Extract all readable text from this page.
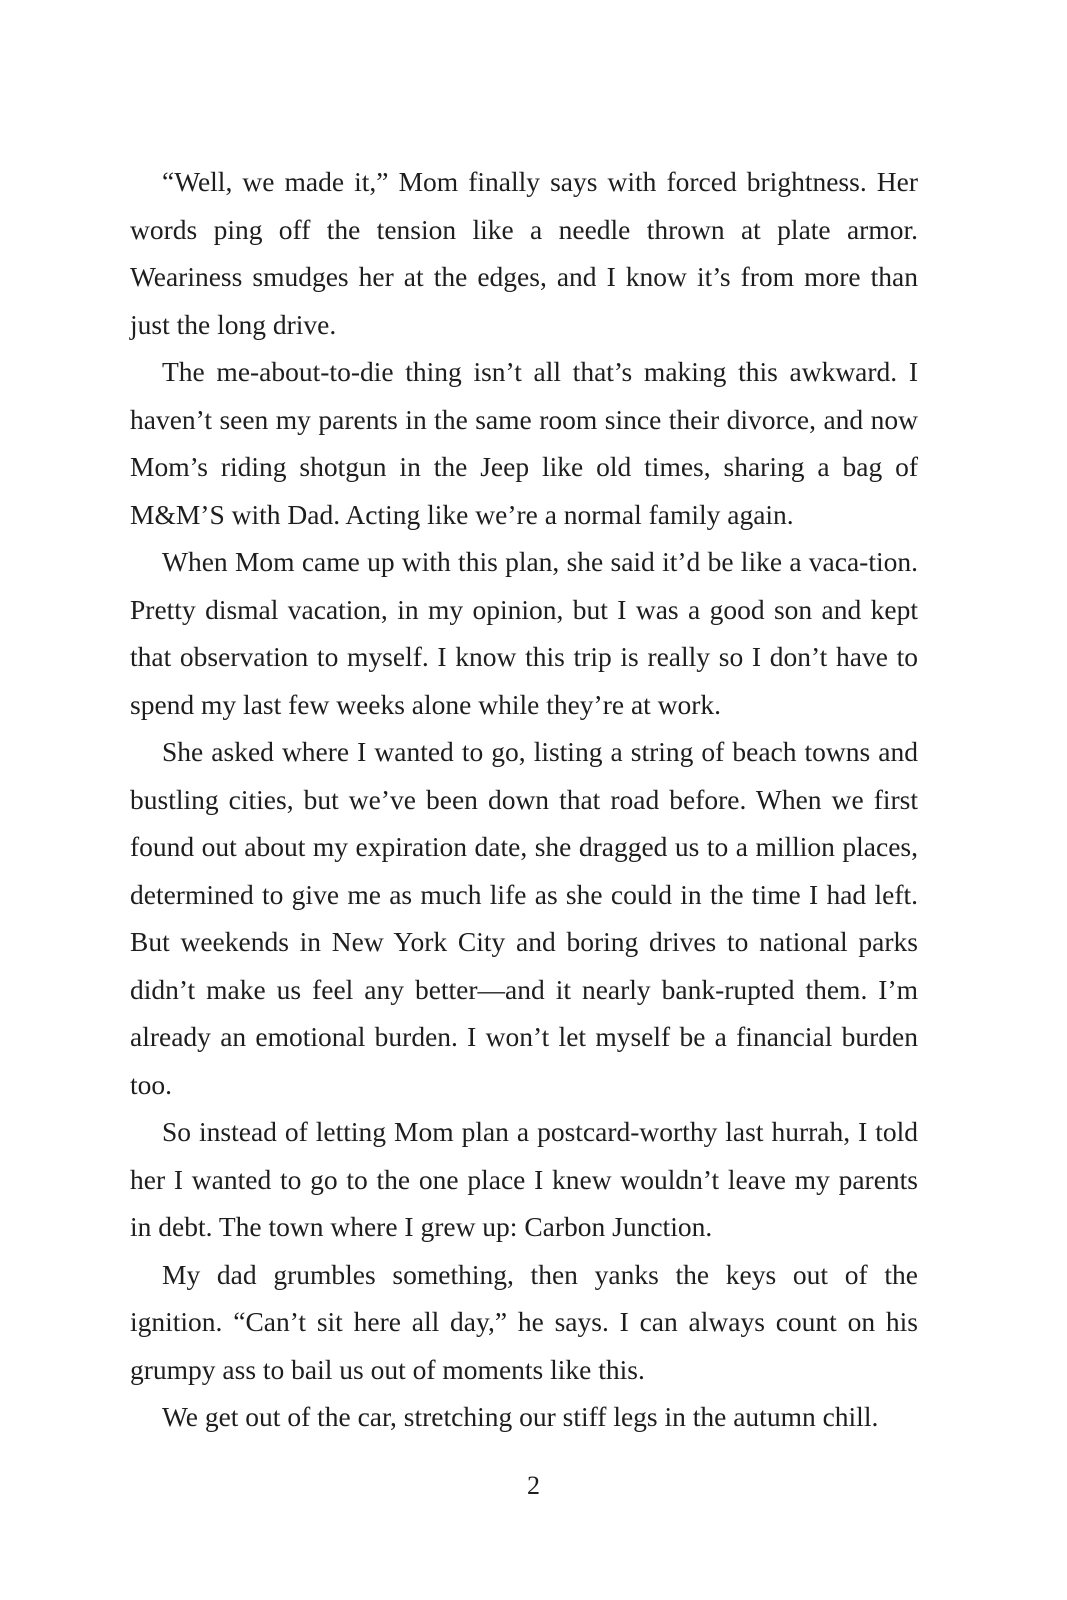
“Well, we made it,” Mom finally says with forced brightness. Her words ping off the tension like a needle thrown at plate armor. Weariness smudges her at the edges, and I know it’s from more than just the long drive.

The me-about-to-die thing isn’t all that’s making this awkward. I haven’t seen my parents in the same room since their divorce, and now Mom’s riding shotgun in the Jeep like old times, sharing a bag of M&M’S with Dad. Acting like we’re a normal family again.

When Mom came up with this plan, she said it’d be like a vaca-tion. Pretty dismal vacation, in my opinion, but I was a good son and kept that observation to myself. I know this trip is really so I don’t have to spend my last few weeks alone while they’re at work.

She asked where I wanted to go, listing a string of beach towns and bustling cities, but we’ve been down that road before. When we first found out about my expiration date, she dragged us to a million places, determined to give me as much life as she could in the time I had left. But weekends in New York City and boring drives to national parks didn’t make us feel any better—and it nearly bank-rupted them. I’m already an emotional burden. I won’t let myself be a financial burden too.

So instead of letting Mom plan a postcard-worthy last hurrah, I told her I wanted to go to the one place I knew wouldn’t leave my parents in debt. The town where I grew up: Carbon Junction.

My dad grumbles something, then yanks the keys out of the ignition. “Can’t sit here all day,” he says. I can always count on his grumpy ass to bail us out of moments like this.

We get out of the car, stretching our stiff legs in the autumn chill.

2
